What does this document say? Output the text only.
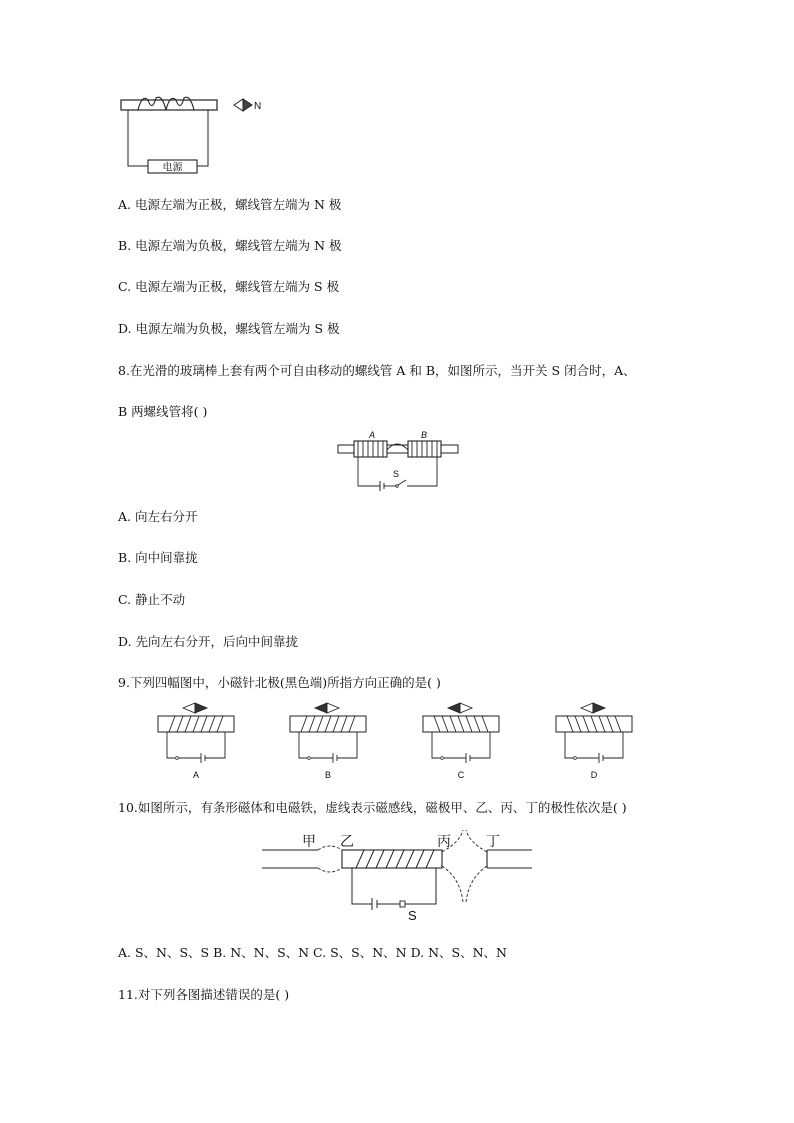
电源
N
A. 电源左端为正极，螺线管左端为 N 极
B. 电源左端为负极，螺线管左端为 N 极
C. 电源左端为正极，螺线管左端为 S 极
D. 电源左端为负极，螺线管左端为 S 极
8.在光滑的玻璃棒上套有两个可自由移动的螺线管 A 和 B，如图所示，当开关 S 闭合时，A、
B 两螺线管将( )
A	B
S
A. 向左右分开
B. 向中间靠拢
C. 静止不动
D. 先向左右分开，后向中间靠拢
9.下列四幅图中，小磁针北极(黑色端)所指方向正确的是( )
A	B	C	D
10.如图所示，有条形磁体和电磁铁，虚线表示磁感线，磁极甲、乙、丙、丁的极性依次是( )
S
甲 乙	丙	丁
A. S、N、S、S B. N、N、S、N C. S、S、N、N D. N、S、N、N
11.对下列各图描述错误的是( )
